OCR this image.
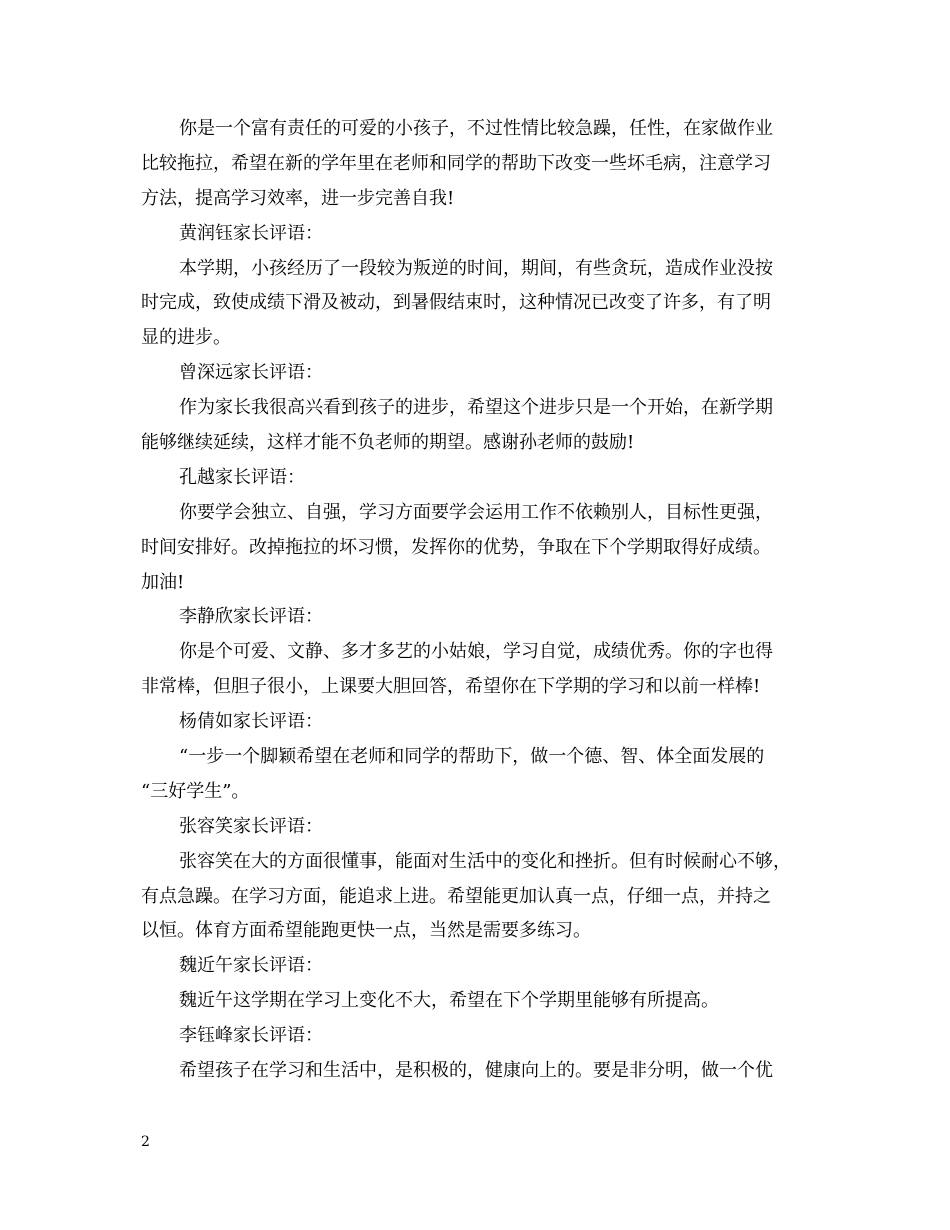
你是一个富有责任的可爱的小孩子，不过性情比较急躁，任性，在家做作业
比较拖拉，希望在新的学年里在老师和同学的帮助下改变一些坏毛病，注意学习
方法，提高学习效率，进一步完善自我!
黄润钰家长评语：
本学期，小孩经历了一段较为叛逆的时间，期间，有些贪玩，造成作业没按
时完成，致使成绩下滑及被动，到暑假结束时，这种情况已改变了许多，有了明
显的进步。
曾深远家长评语：
作为家长我很高兴看到孩子的进步，希望这个进步只是一个开始，在新学期
能够继续延续，这样才能不负老师的期望。感谢孙老师的鼓励!
孔越家长评语：
你要学会独立、自强，学习方面要学会运用工作不依赖别人，目标性更强，
时间安排好。改掉拖拉的坏习惯，发挥你的优势，争取在下个学期取得好成绩。
加油!
李静欣家长评语：
你是个可爱、文静、多才多艺的小姑娘，学习自觉，成绩优秀。你的字也得
非常棒，但胆子很小，上课要大胆回答，希望你在下学期的学习和以前一样棒!
杨倩如家长评语：
“一步一个脚颖希望在老师和同学的帮助下，做一个德、智、体全面发展的
“三好学生”。
张容笑家长评语：
张容笑在大的方面很懂事，能面对生活中的变化和挫折。但有时候耐心不够，
有点急躁。在学习方面，能追求上进。希望能更加认真一点，仔细一点，并持之
以恒。体育方面希望能跑更快一点，当然是需要多练习。
魏近午家长评语：
魏近午这学期在学习上变化不大，希望在下个学期里能够有所提高。
李钰峰家长评语：
希望孩子在学习和生活中，是积极的，健康向上的。要是非分明，做一个优
2
